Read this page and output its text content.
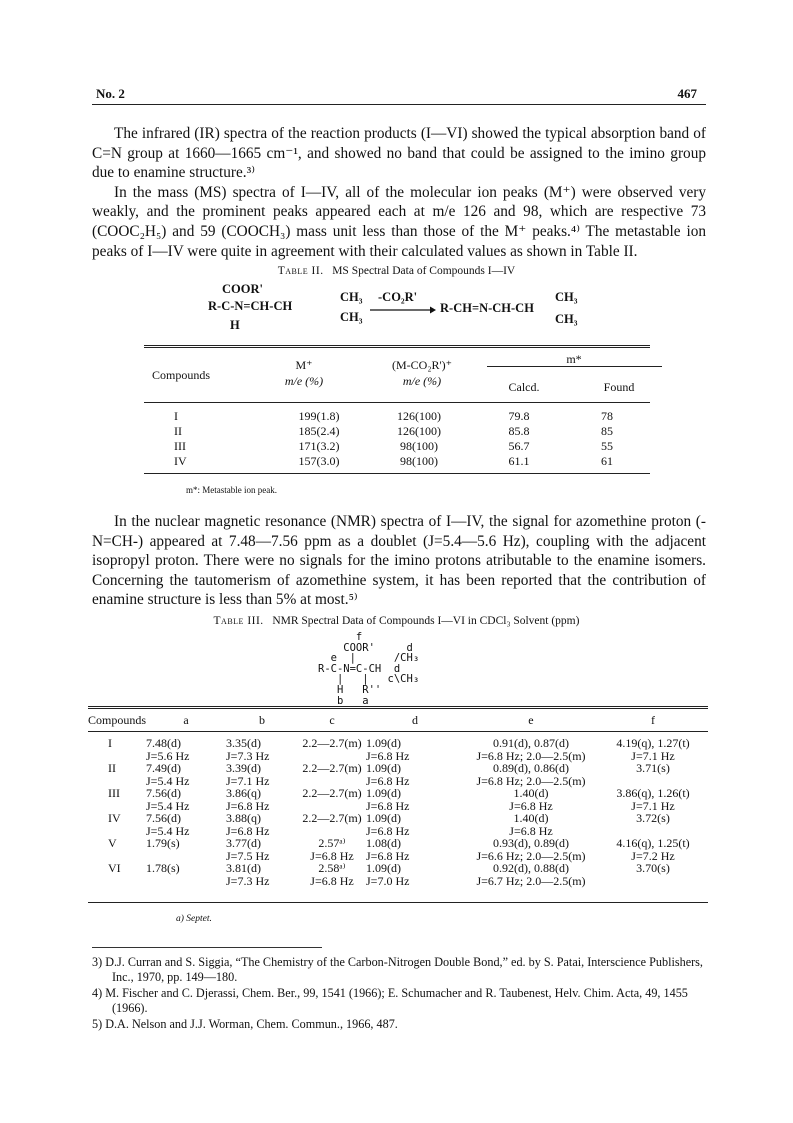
No. 2	467

The infrared (IR) spectra of the reaction products (I—VI) showed the typical absorption band of C=N group at 1660—1665 cm⁻¹, and showed no band that could be assigned to the imino group due to enamine structure.³⁾

In the mass (MS) spectra of I—IV, all of the molecular ion peaks (M⁺) were observed very weakly, and the prominent peaks appeared each at m/e 126 and 98, which are respective 73 (COOC₂H₅) and 59 (COOCH₃) mass unit less than those of the M⁺ peaks.⁴⁾ The metastable ion peaks of I—IV were quite in agreement with their calculated values as shown in Table II.

Table II. MS Spectral Data of Compounds I—IV
COOR'
R-C-N=CH-CH
H
CH₃
CH₃
-CO₂R'
R-CH=N-CH-CH
CH₃
CH₃
Compounds
M⁺
m/e (%)
(M-CO₂R')⁺
m/e (%)
m*
Calcd.	Found
I	199(1.8)	126(100)	79.8	78
II	185(2.4)	126(100)	85.8	85
III	171(3.2)	98(100)	56.7	55
IV	157(3.0)	98(100)	61.1	61
m*: Metastable ion peak.

In the nuclear magnetic resonance (NMR) spectra of I—IV, the signal for azomethine proton (-N=CH-) appeared at 7.48—7.56 ppm as a doublet (J=5.4—5.6 Hz), coupling with the adjacent isopropyl proton. There were no signals for the imino protons atributable to the enamine isomers. Concerning the tautomerism of azomethine system, it has been reported that the contribution of enamine structure is less than 5% at most.⁵⁾

Table III. NMR Spectral Data of Compounds I—VI in CDCl₃ Solvent (ppm)
f
COOR'     d
e  |      /CH₃
R-C-N=C-CH  d
|   |   c\CH₃
H   R''
b   a
Compounds	a	b	c	d	e	f
I	7.48(d)	3.35(d)	2.2—2.7(m)	1.09(d)	0.91(d), 0.87(d)	4.19(q), 1.27(t)
	J=5.6 Hz	J=7.3 Hz		J=6.8 Hz	J=6.8 Hz; 2.0—2.5(m)	J=7.1 Hz
II	7.49(d)	3.39(d)	2.2—2.7(m)	1.09(d)	0.89(d), 0.86(d)	3.71(s)
	J=5.4 Hz	J=7.1 Hz		J=6.8 Hz	J=6.8 Hz; 2.0—2.5(m)	
III	7.56(d)	3.86(q)	2.2—2.7(m)	1.09(d)	1.40(d)	3.86(q), 1.26(t)
	J=5.4 Hz	J=6.8 Hz		J=6.8 Hz	J=6.8 Hz	J=7.1 Hz
IV	7.56(d)	3.88(q)	2.2—2.7(m)	1.09(d)	1.40(d)	3.72(s)
	J=5.4 Hz	J=6.8 Hz		J=6.8 Hz	J=6.8 Hz	
V	1.79(s)	3.77(d)	2.57ᵃ⁾	1.08(d)	0.93(d), 0.89(d)	4.16(q), 1.25(t)
		J=7.5 Hz	J=6.8 Hz	J=6.8 Hz	J=6.6 Hz; 2.0—2.5(m)	J=7.2 Hz
VI	1.78(s)	3.81(d)	2.58ᵃ⁾	1.09(d)	0.92(d), 0.88(d)	3.70(s)
		J=7.3 Hz	J=6.8 Hz	J=7.0 Hz	J=6.7 Hz; 2.0—2.5(m)	
a) Septet.

3) D.J. Curran and S. Siggia, “The Chemistry of the Carbon-Nitrogen Double Bond,” ed. by S. Patai, Interscience Publishers, Inc., 1970, pp. 149—180.

4) M. Fischer and C. Djerassi, Chem. Ber., 99, 1541 (1966); E. Schumacher and R. Taubenest, Helv. Chim. Acta, 49, 1455 (1966).

5) D.A. Nelson and J.J. Worman, Chem. Commun., 1966, 487.
